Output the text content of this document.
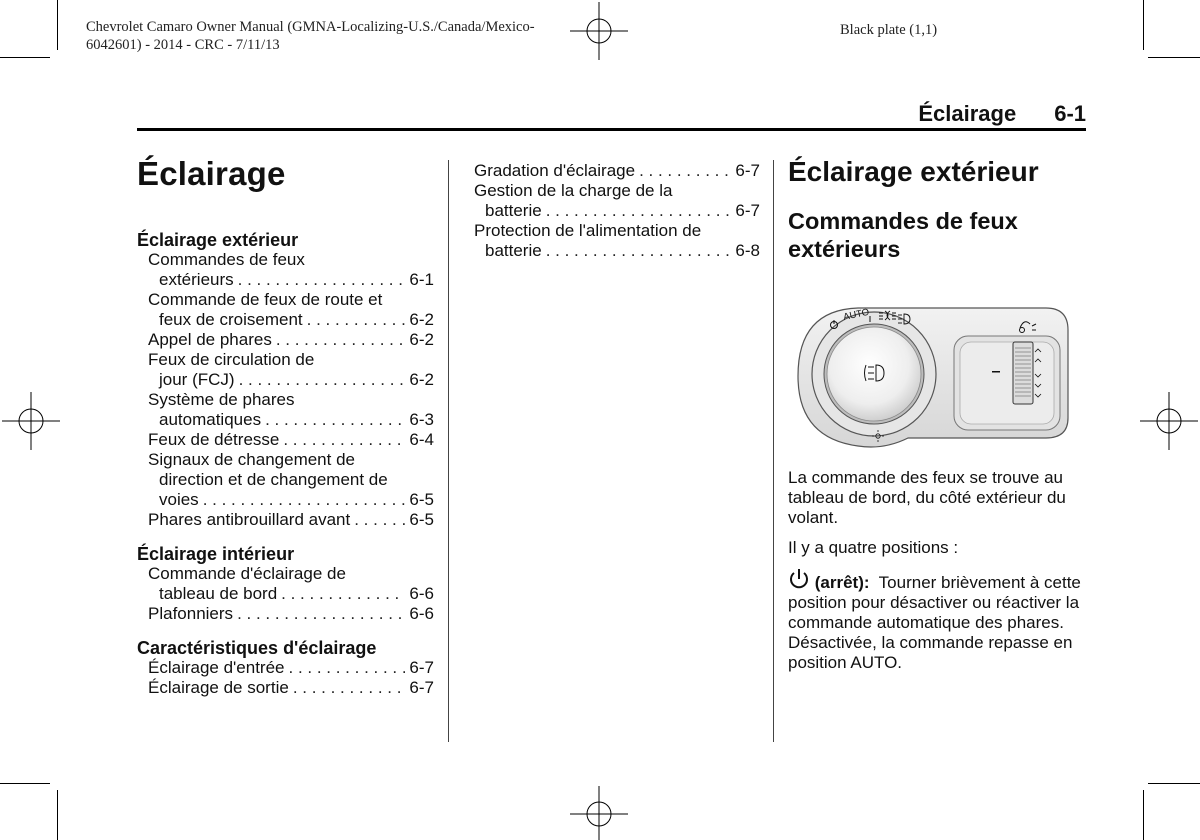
Chevrolet Camaro Owner Manual (GMNA-Localizing-U.S./Canada/Mexico-
6042601) - 2014 - CRC - 7/11/13
Black plate (1,1)
Éclairage 6-1
Éclairage
Éclairage extérieur
Commandes de feux
extérieurs . . .	6-1
Commande de feux de route et
feux de croisement . . .	6-2
Appel de phares . . .	6-2
Feux de circulation de
jour (FCJ) . . .	6-2
Système de phares
automatiques . . .	6-3
Feux de détresse . . .	6-4
Signaux de changement de
direction et de changement de
voies . . .	6-5
Phares antibrouillard avant . . .	6-5
Éclairage intérieur
Commande d'éclairage de
tableau de bord . . .	6-6
Plafonniers . . .	6-6
Caractéristiques d'éclairage
Éclairage d'entrée . . .	6-7
Éclairage de sortie . . .	6-7
Gradation d'éclairage . . .	6-7
Gestion de la charge de la
batterie . . .	6-7
Protection de l'alimentation de
batterie . . .	6-8
Éclairage extérieur
Commandes de feux extérieurs
AUTO

La commande des feux se trouve au tableau de bord, du côté extérieur du volant.

Il y a quatre positions :

(arrêt): Tourner brièvement à cette position pour désactiver ou réactiver la commande automatique des phares. Désactivée, la commande repasse en position AUTO.
